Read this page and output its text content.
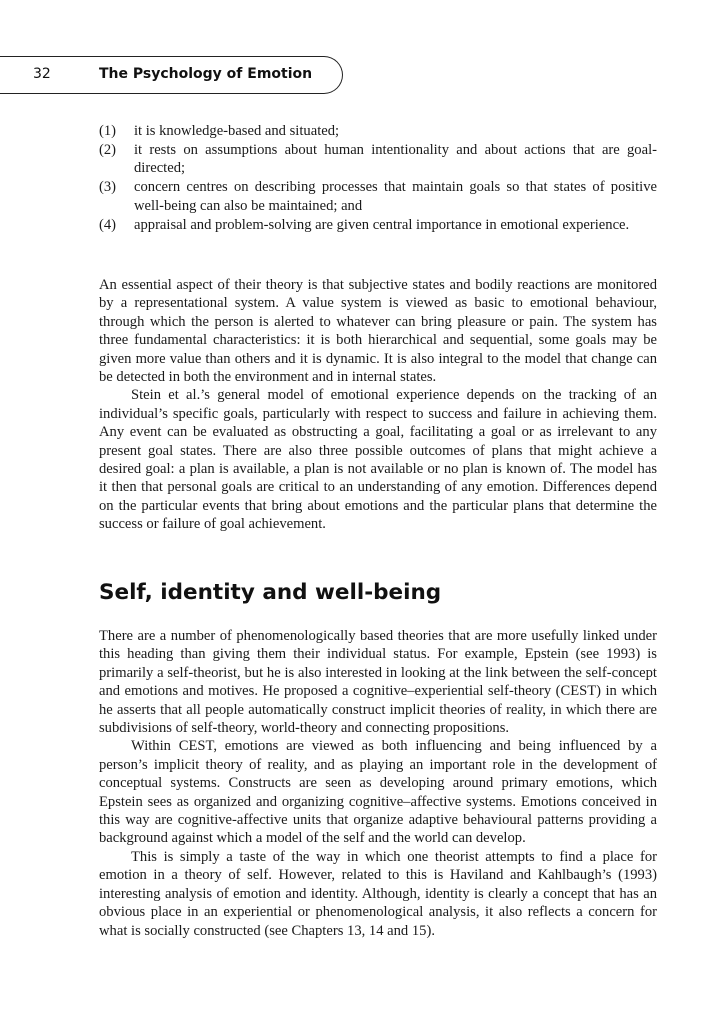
32	The Psychology of Emotion
(1)	it is knowledge-based and situated;
(2)	it rests on assumptions about human intentionality and about actions that are goal-directed;
(3)	concern centres on describing processes that maintain goals so that states of positive well-being can also be maintained; and
(4)	appraisal and problem-solving are given central importance in emotional experience.

An essential aspect of their theory is that subjective states and bodily reactions are monitored by a representational system. A value system is viewed as basic to emotional behaviour, through which the person is alerted to whatever can bring pleasure or pain. The system has three fundamental characteristics: it is both hierarchical and sequential, some goals may be given more value than others and it is dynamic. It is also integral to the model that change can be detected in both the environment and in internal states.

Stein et al.’s general model of emotional experience depends on the tracking of an individual’s specific goals, particularly with respect to success and failure in achieving them. Any event can be evaluated as obstructing a goal, facilitating a goal or as irrelevant to any present goal states. There are also three possible outcomes of plans that might achieve a desired goal: a plan is available, a plan is not available or no plan is known of. The model has it then that personal goals are critical to an understanding of any emotion. Differences depend on the particular events that bring about emotions and the particular plans that determine the success or failure of goal achievement.

Self, identity and well-being

There are a number of phenomenologically based theories that are more usefully linked under this heading than giving them their individual status. For example, Epstein (see 1993) is primarily a self-theorist, but he is also interested in looking at the link between the self-concept and emotions and motives. He proposed a cognitive–experiential self-theory (CEST) in which he asserts that all people automatically construct implicit theories of reality, in which there are subdivisions of self-theory, world-theory and connecting propositions.

Within CEST, emotions are viewed as both influencing and being influenced by a person’s implicit theory of reality, and as playing an important role in the development of conceptual systems. Constructs are seen as developing around primary emotions, which Epstein sees as organized and organizing cognitive–affective systems. Emotions conceived in this way are cognitive-affective units that organize adaptive behavioural patterns providing a background against which a model of the self and the world can develop.

This is simply a taste of the way in which one theorist attempts to find a place for emotion in a theory of self. However, related to this is Haviland and Kahlbaugh’s (1993) interesting analysis of emotion and identity. Although, identity is clearly a concept that has an obvious place in an experiential or phenomenological analysis, it also reflects a concern for what is socially constructed (see Chapters 13, 14 and 15).
